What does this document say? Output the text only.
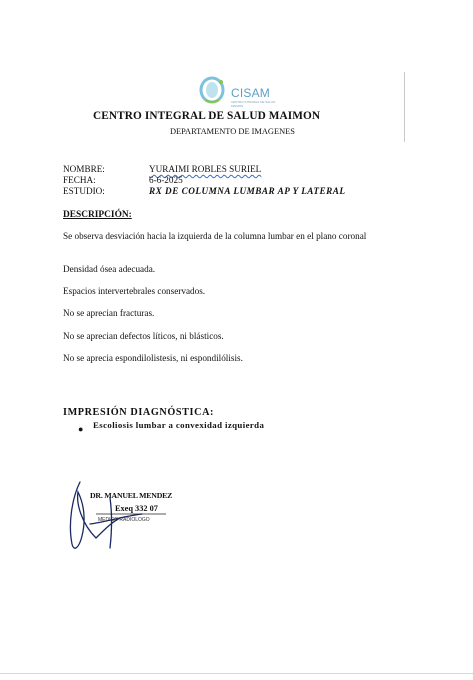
CISAM
CENTRO INTEGRAL DE SALUD MAIMON
CENTRO INTEGRAL DE SALUD MAIMON
DEPARTAMENTO DE IMAGENES
NOMBRE:	YURAIMI ROBLES SURIEL
FECHA:	6-6-2025
ESTUDIO:	RX DE COLUMNA LUMBAR AP Y LATERAL
DESCRIPCIÓN:
Se observa desviación hacia la izquierda de la columna lumbar en el plano coronal
Densidad ósea adecuada.
Espacios intervertebrales conservados.
No se aprecian fracturas.
No se aprecian defectos líticos, ni blásticos.
No se aprecia espondilolistesis, ni espondilólisis.
IMPRESIÓN DIAGNÓSTICA:
● Escoliosis lumbar a convexidad izquierda
DR. MANUEL MENDEZ
Exeq 332 07
MEDICO RADIOLOGO
